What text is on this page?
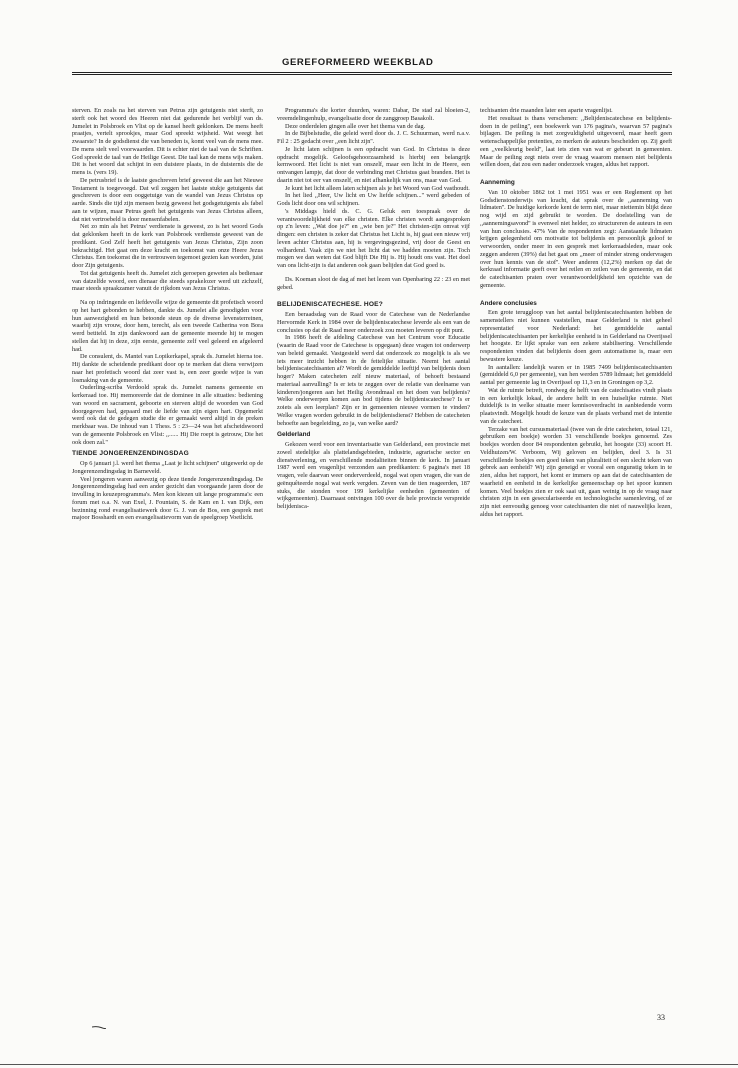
GEREFORMEERD WEEKBLAD

sterven. En zoals na het sterven van Petrus zijn getuigenis niet sterft, zo sterft ook het woord des Heeren niet dat gedurende het verblijf van ds. Jumelet in Polsbroek en Vlist op de kansel heeft geklonken. De mens heeft praatjes, vertelt sprookjes, maar God spreekt wijsheid. Wat weegt het zwaarste? In de godsdienst die van beneden is, komt veel van de mens mee. De mens stelt veel voorwaarden. Dit is echter niet de taal van de Schriften. God spreekt de taal van de Heilige Geest. Die taal kan de mens wijs maken. Dit is het woord dat schijnt in een duistere plaats, in de duisternis die de mens is. (vers 19).

De petrusbrief is de laatste geschreven brief geweest die aan het Nieuwe Testament is toegevoegd. Dat wil zeggen het laatste stukje getuigenis dat geschreven is door een ooggetuige van de wandel van Jezus Christus op aarde. Sinds die tijd zijn mensen bezig geweest het godsgetuigenis als fabel aan te wijzen, maar Petrus geeft het getuigenis van Jezus Christus alleen, dat niet vertroebeld is door mensenfabelen.

Net zo min als het Petrus' verdienste is geweest, zo is het woord Gods dat geklonken heeft in de kerk van Polsbroek verdienste geweest van de predikant. God Zelf heeft het getuigenis van Jezus Christus, Zijn zoon bekrachtigd. Het gaat om deze kracht en toekomst van onze Heere Jezus Christus. Een toekomst die in vertrouwen tegemoet gezien kan worden, juist door Zijn getuigenis.

Tot dat getuigenis heeft ds. Jumelet zich geroepen geweten als bedienaar van datzelfde woord, een dienaar die steeds sprakelozer werd uit zichzelf, maar steeds spraakzamer vanuit de rijkdom van Jezus Christus.

Na op indringende en liefdevolle wijze de gemeente dit profetisch woord op het hart gebonden te hebben, dankte ds. Jumelet alle genodigden voor hun aanwezigheid en hun betoonde steun op de diverse levensterreinen, waarbij zijn vrouw, door hem, terecht, als een tweede Catherina von Bora werd betiteld. In zijn dankwoord aan de gemeente meende hij te mogen stellen dat hij in deze, zijn eerste, gemeente zelf veel geleerd en afgeleerd had.

De consulent, ds. Mantel van Lopikerkapel, sprak ds. Jumelet hierna toe. Hij dankte de scheidende predikant door op te merken dat diens verwijzen naar het profetisch woord dat zeer vast is, een zeer goede wijze is van losmaking van de gemeente.

Ouderling-scriba Verdoold sprak ds. Jumelet namens gemeente en kerkeraad toe. Hij memoreerde dat de dominee in alle situaties: bediening van woord en sacrament, geboorte en sterven altijd de woorden van God doorgegeven had, gepaard met de liefde van zijn eigen hart. Opgemerkt werd ook dat de gedegen studie die er gemaakt werd altijd in de preken merkbaar was. De inhoud van 1 Thess. 5 : 23—24 was het afscheidswoord van de gemeente Polsbroek en Vlist: ,,...... Hij Die roept is getrouw, Die het ook doen zal.''

TIENDE JONGERENZENDINGSDAG

Op 6 januari j.l. werd het thema ,,Laat je licht schijnen'' uitgewerkt op de Jongerenzendingsdag in Barneveld.

Veel jongeren waren aanwezig op deze tiende Jongerenzendingsdag. De Jongerenzendingsdag had een ander gezicht dan voorgaande jaren door de invulling in keuzeprogramma's. Men kon kiezen uit lange programma's: een forum met o.a. N. van Exel, J. Fountain, S. de Kam en I. van Dijk, een bezinning rond evangelisatiewerk door G. J. van de Bos, een gesprek met majoor Bosshardt en een evangelisatievorm van de speelgroep Voetlicht.

Programma's die korter duurden, waren: Dabar, De stad zal bloeien-2, vreemdelingenhulp, evangelisatie door de zanggroep Basakoli.

Deze onderdelen gingen alle over het thema van de dag.

In de Bijbelstudie, die geleid werd door ds. J. C. Schuurman, werd n.a.v. Fil 2 : 25 gedacht over ,,een licht zijn''.

Je licht laten schijnen is een opdracht van God. In Christus is deze opdracht mogelijk. Geloofsgehoorzaamheid is hierbij een belangrijk kernwoord. Het licht is niet van onszelf, maar een licht in de Heere, een ontvangen lampje, dat door de verbinding met Christus gaat branden. Het is daarin niet tot eer van onszelf, en niet afhankelijk van ons, maar van God.

Je kunt het licht alleen laten schijnen als je het Woord van God vasthoudt.

In het lied ,,Heer, Uw licht en Uw liefde schijnen...'' werd gebeden of Gods licht door ons wil schijnen.

's Middags hield ds. C. G. Geluk een toespraak over de verantwoordelijkheid van elke christen. Elke christen wordt aangesproken op z'n leven: ,,Wat doe je?'' en ,,wie ben je?'' Het christen-zijn omvat vijf dingen: een christen is zeker dat Christus het Licht is, hij gaat een nieuw vrij leven achter Christus aan, hij is vergevingsgezind, vrij door de Geest en volhardend. Vaak zijn we niet het licht dat we hadden moeten zijn. Toch mogen we dan weten dat God blijft Die Hij is. Hij houdt ons vast. Het doel van ons licht-zijn is dat anderen ook gaan belijden dat God goed is.

Ds. Koeman sloot de dag af met het lezen van Openbaring 22 : 23 en met gebed.

BELIJDENISCATECHESE. HOE?

Een beraadsdag van de Raad voor de Catechese van de Nederlandse Hervormde Kerk in 1984 over de belijdeniscatechese leverde als een van de conclusies op dat de Raad meer onderzoek zou moeten leveren op dit punt.

In 1986 heeft de afdeling Catechese van het Centrum voor Educatie (waarin de Raad voor de Catechese is opgegaan) deze vragen tot onderwerp van beleid gemaakt. Vastgesteld werd dat onderzoek zo mogelijk is als we iets meer inzicht hebben in de feitelijke situatie. Neemt het aantal belijdeniscatechisanten af? Wordt de gemiddelde leeftijd van belijdenis doen hoger? Maken catecheten zelf nieuw materiaal, of behoeft bestaand materiaal aanvulling? Is er iets te zeggen over de relatie van deelname van kinderen/jongeren aan het Heilig Avondmaal en het doen van belijdenis? Welke onderwerpen komen aan bod tijdens de belijdeniscatechese? Is er zoiets als een leerplan? Zijn er in gemeenten nieuwe vormen te vinden? Welke vragen worden gebruikt in de belijdenisdienst? Hebben de catecheten behoefte aan begeleiding, zo ja, van welke aard?

Gelderland

Gekozen werd voor een inventarisatie van Gelderland, een provincie met zowel stedelijke als plattelandsgebieden, industrie, agrarische sector en dienstverlening, en verschillende modaliteiten binnen de kerk. In januari 1987 werd een vragenlijst verzonden aan predikanten: 6 pagina's met 18 vragen, vele daarvan weer onderverdeeld, nogal wat open vragen, die van de geënquêteerde nogal wat werk vergden. Zeven van de tien reageerden, 187 stuks, die stonden voor 199 kerkelijke eenheden (gemeenten of wijkgemeenten). Daarnaast ontvingen 100 over de hele provincie verspreide belijdenisca-

techisanten drie maanden later een aparte vragenlijst.

Het resultaat is thans verschenen: ,,Belijdeniscatechese en belijdenis-doen in de peiling'', een boekwerk van 176 pagina's, waarvan 57 pagina's bijlagen. De peiling is met zorgvuldigheid uitgevoerd, maar heeft geen wetenschappelijke pretenties, zo merken de auteurs bescheiden op. Zij geeft een ,,veelkleurig beeld'', laat iets zien van wat er gebeurt in gemeenten. Maar de peiling zegt niets over de vraag waarom mensen niet belijdenis willen doen, dat zou een nader onderzoek vragen, aldus het rapport.

Aanneming

Van 10 oktober 1862 tot 1 mei 1951 was er een Reglement op het Godsdienstonderwijs van kracht, dat sprak over de ,,aanneming van lidmaten''. De huidige kerkorde kent de term niet, maar niettemin blijkt deze nog wijd en zijd gebruikt te worden. De doelstelling van de ,,aannemingsavond'' is evenwel niet helder, zo structureren de auteurs in een van hun conclusies. 47% Van de respondenten zegt: Aanstaande lidmaten krijgen gelegenheid om motivatie tot belijdenis en persoonlijk geloof te verwoorden, onder meer in een gesprek met kerkeraadsleden, maar ook zeggen anderen (39%) dat het gaat om ,,meer of minder streng ondervragen over hun kennis van de stof''. Weer anderen (12,2%) merken op dat de kerkraad informatie geeft over het reilen en zeilen van de gemeente, en dat de catechisanten praten over verantwoordelijkheid ten opzichte van de gemeente.

Andere conclusies

Een grote teruggloop van het aantal belijdeniscatechisanten hebben de samenstellers niet kunnen vaststellen, maar Gelderland is niet geheel representatief voor Nederland: het gemiddelde aantal belijdeniscatechisanten per kerkelijke eenheid is in Gelderland na Overijssel het hoogste. Er lijkt sprake van een zekere stabilisering. Verschillende respondenten vinden dat belijdenis doen geen automatisme is, maar een bewustere keuze.

In aantallen: landelijk waren er in 1985 7499 belijdeniscatechisanten (gemiddeld 6,0 per gemeente), van hen werden 5789 lidmaat; het gemiddeld aantal per gemeente lag in Overijssel op 11,3 en in Groningen op 3,2.

Wat de ruimte betreft, rondweg de helft van de catechisaties vindt plaats in een kerkelijk lokaal, de andere helft in een huiselijke ruimte. Niet duidelijk is in welke situatie meer kennisoverdracht in aanbiedende vorm plaatsvindt. Mogelijk houdt de keuze van de plaats verband met de intentie van de catecheet.

Terzake van het cursusmateriaal (twee van de drie catecheten, totaal 121, gebruiken een boekje) worden 31 verschillende boekjes genoemd. Zes boekjes worden door 84 respondenten gebruikt, het hoogste (33) scoort H. Veldhuizen/W. Verboom, Wij geloven en belijden, deel 3. Is 31 verschillende boekjes een goed teken van pluraliteit of een slecht teken van gebrek aan eenheid? Wij zijn geneigd er vooral een ongunstig teken in te zien, aldus het rapport, het komt er immers op aan dat de catechisanten de waarheid en eenheid in de kerkelijke gemeenschap op het spoor kunnen komen. Veel boekjes zien er ook saai uit, gaan weinig in op de vraag naar christen zijn in een geseculariseerde en technologische samenleving, of ze zijn niet eenvoudig genoeg voor catechisanten die niet of nauwelijks lezen, aldus het rapport.

33
